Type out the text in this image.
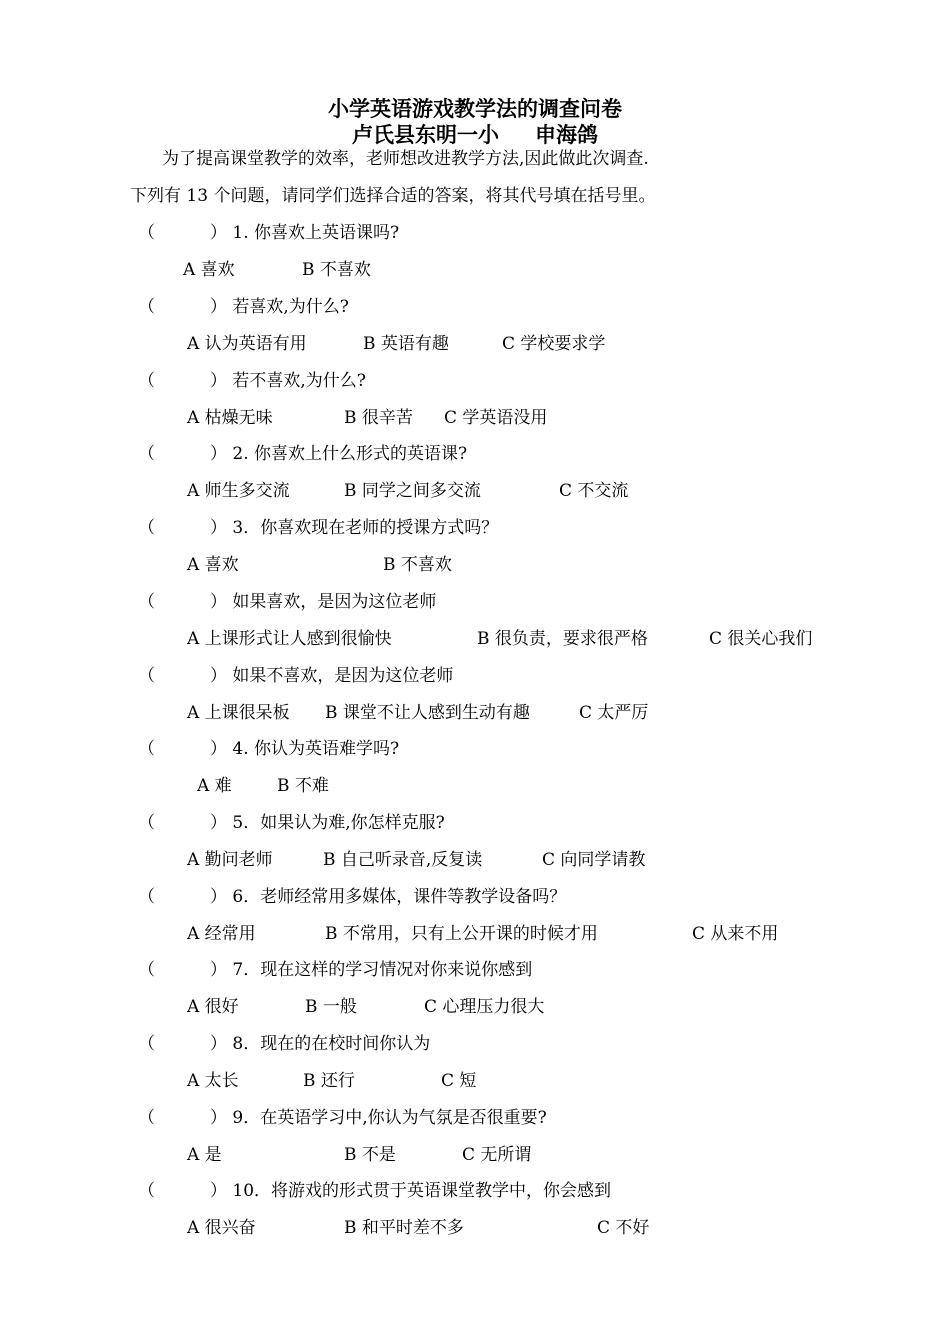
小学英语游戏教学法的调查问卷
卢氏县东明一小 申海鸽
为了提高课堂教学的效率，老师想改进教学方法,因此做此次调查.
下列有 13 个问题，请同学们选择合适的答案，将其代号填在括号里。
（	） 1. 你喜欢上英语课吗?
A 喜欢	B 不喜欢
（	） 若喜欢,为什么?
A 认为英语有用	B 英语有趣	C 学校要求学
（	） 若不喜欢,为什么?
A 枯燥无味	B 很辛苦 C 学英语没用
（	） 2. 你喜欢上什么形式的英语课?
A 师生多交流	B 同学之间多交流	C 不交流
（	） 3．你喜欢现在老师的授课方式吗？
A 喜欢	B 不喜欢
（	） 如果喜欢，是因为这位老师
A 上课形式让人感到很愉快	B 很负责，要求很严格	C 很关心我们
（	） 如果不喜欢，是因为这位老师
A 上课很呆板 B 课堂不让人感到生动有趣	C 太严厉
（	） 4. 你认为英语难学吗?
A 难	B 不难
（	） 5．如果认为难,你怎样克服?
A 勤问老师	B 自己听录音,反复读	C 向同学请教
（	） 6．老师经常用多媒体，课件等教学设备吗？
A 经常用	B 不常用，只有上公开课的时候才用	C 从来不用
（	） 7．现在这样的学习情况对你来说你感到
A 很好	B 一般	C 心理压力很大
（	） 8．现在的在校时间你认为
A 太长	B 还行	C 短
（	） 9．在英语学习中,你认为气氛是否很重要?
A 是	B 不是	C 无所谓
（	） 10．将游戏的形式贯于英语课堂教学中，你会感到
A 很兴奋	B 和平时差不多	C 不好
